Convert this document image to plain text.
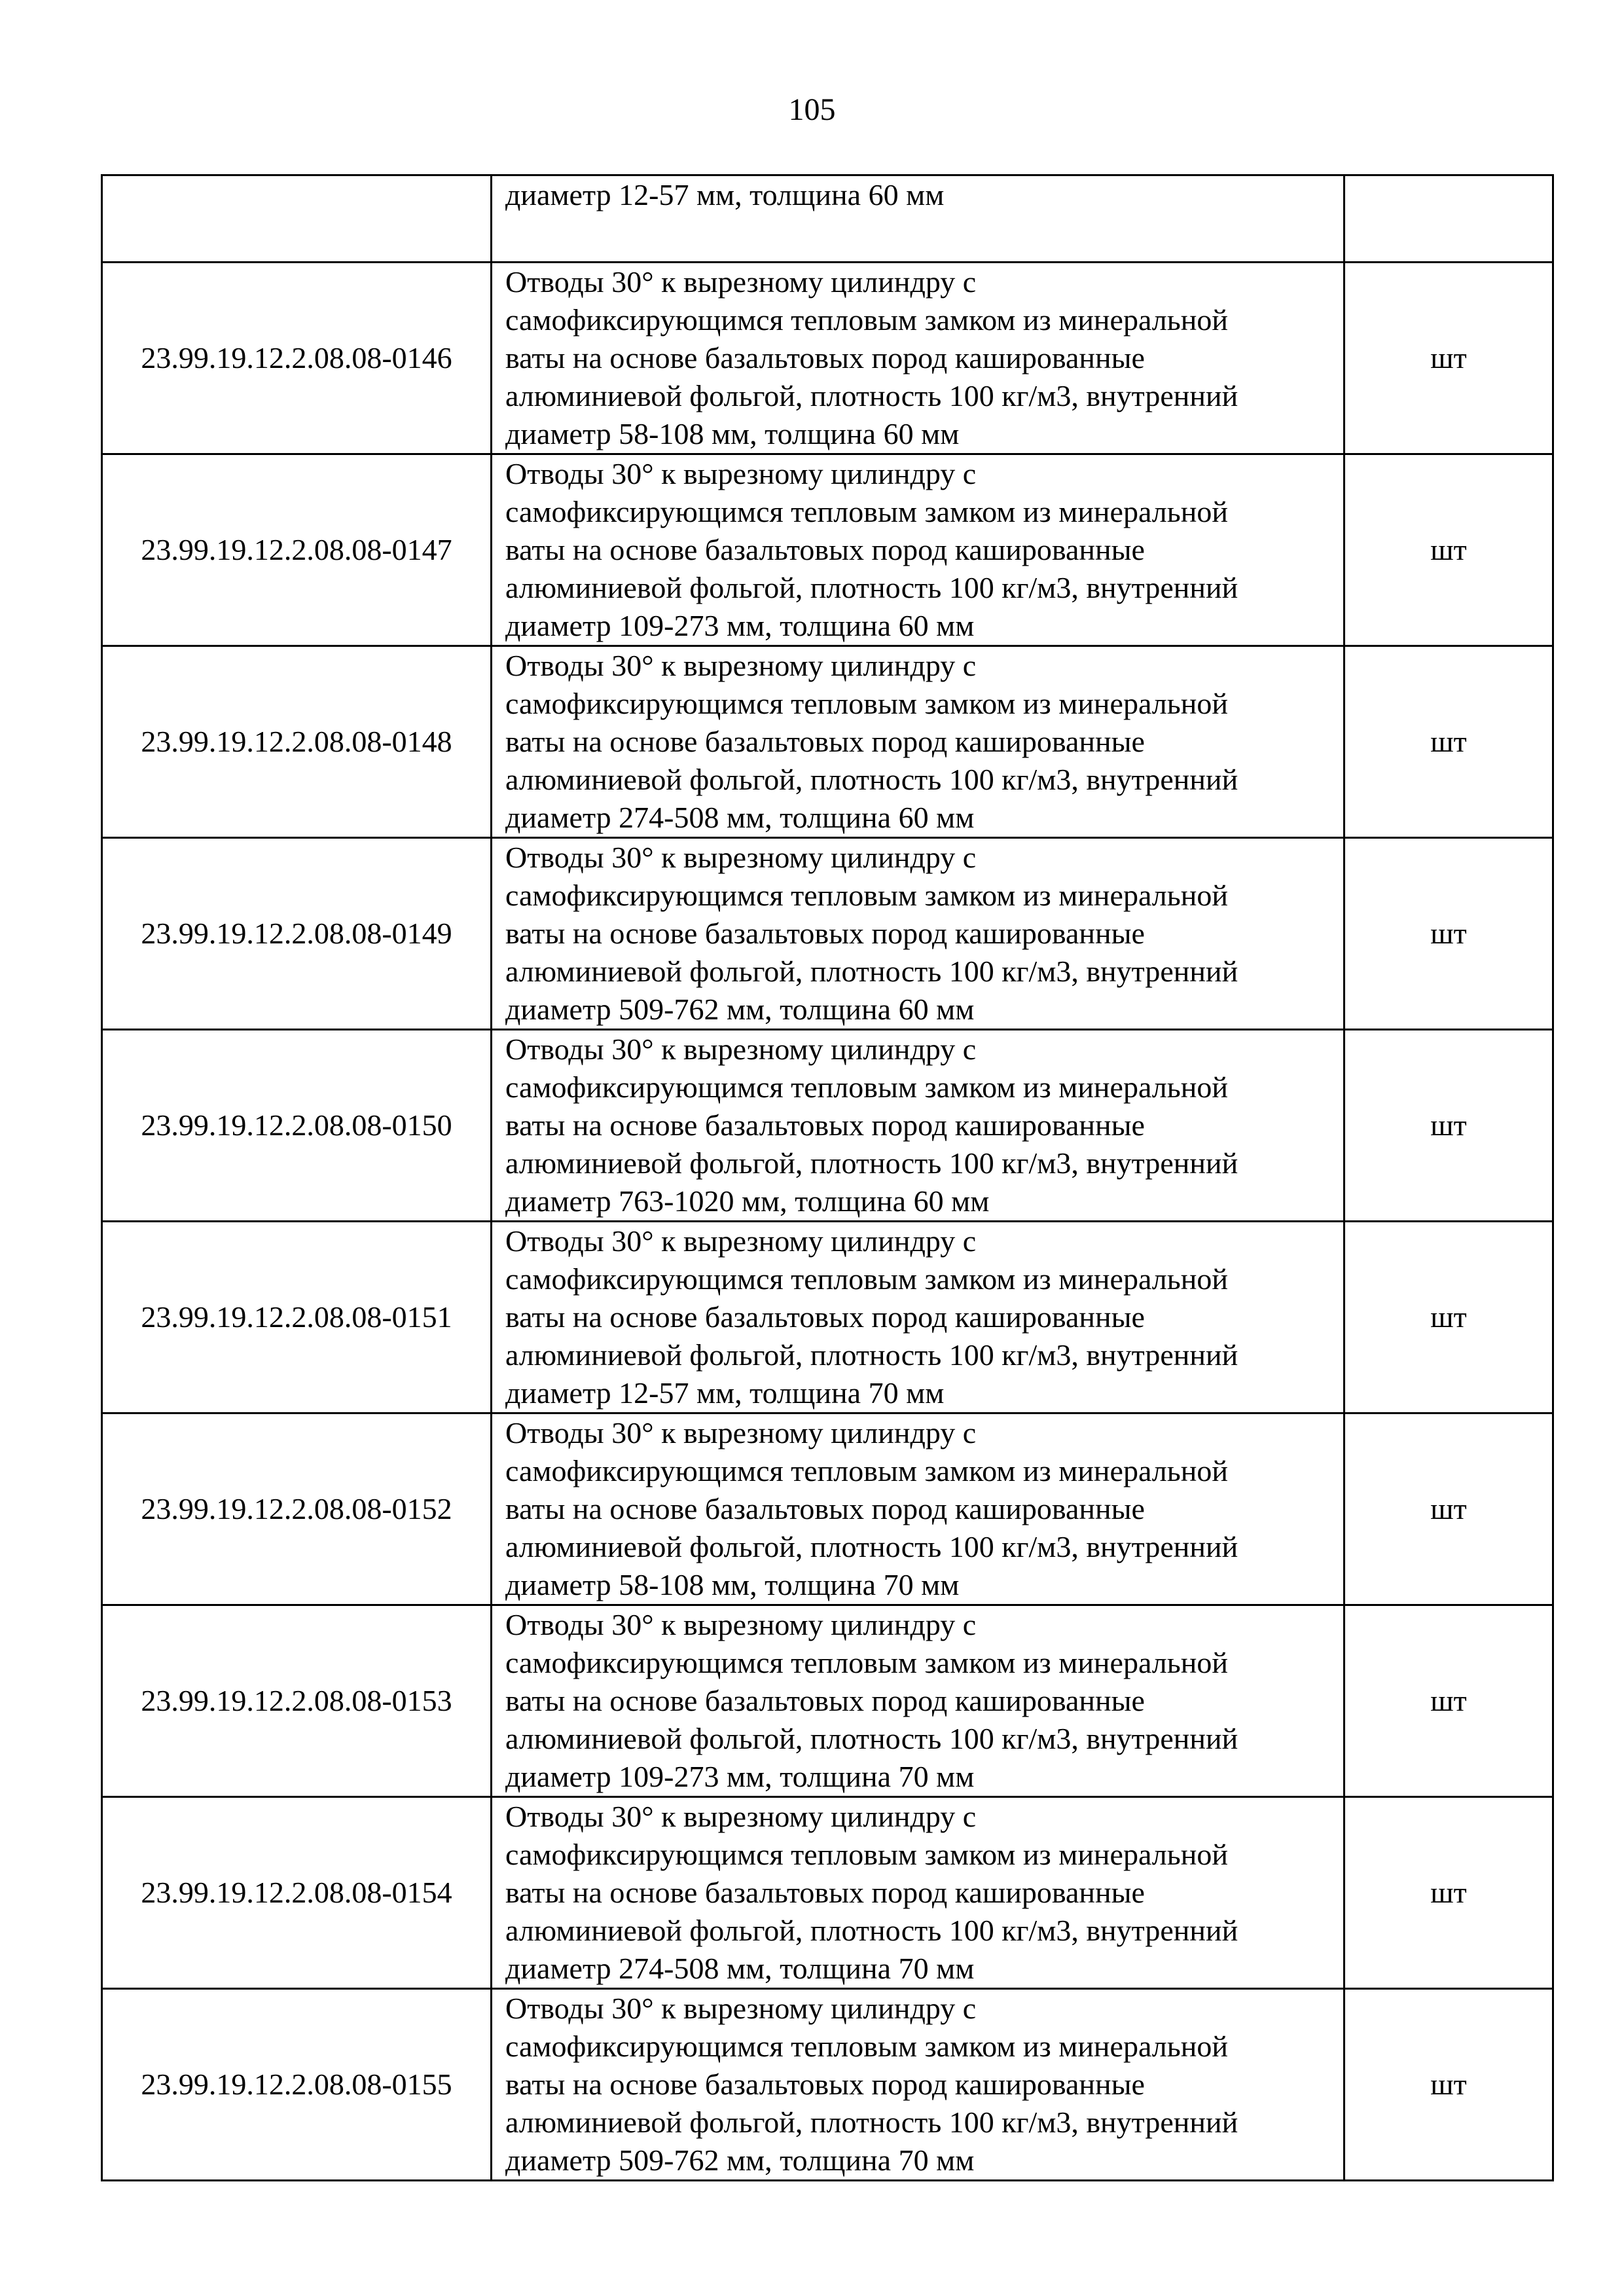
105

	диаметр 12-57 мм, толщина 60 мм	

23.99.19.12.2.08.08-0146	Отводы 30° к вырезному цилиндру с
самофиксирующимся тепловым замком из минеральной
ваты на основе базальтовых пород кашированные
алюминиевой фольгой, плотность 100 кг/м3, внутренний
диаметр 58-108 мм, толщина 60 мм	шт
23.99.19.12.2.08.08-0147	Отводы 30° к вырезному цилиндру с
самофиксирующимся тепловым замком из минеральной
ваты на основе базальтовых пород кашированные
алюминиевой фольгой, плотность 100 кг/м3, внутренний
диаметр 109-273 мм, толщина 60 мм	шт
23.99.19.12.2.08.08-0148	Отводы 30° к вырезному цилиндру с
самофиксирующимся тепловым замком из минеральной
ваты на основе базальтовых пород кашированные
алюминиевой фольгой, плотность 100 кг/м3, внутренний
диаметр 274-508 мм, толщина 60 мм	шт
23.99.19.12.2.08.08-0149	Отводы 30° к вырезному цилиндру с
самофиксирующимся тепловым замком из минеральной
ваты на основе базальтовых пород кашированные
алюминиевой фольгой, плотность 100 кг/м3, внутренний
диаметр 509-762 мм, толщина 60 мм	шт
23.99.19.12.2.08.08-0150	Отводы 30° к вырезному цилиндру с
самофиксирующимся тепловым замком из минеральной
ваты на основе базальтовых пород кашированные
алюминиевой фольгой, плотность 100 кг/м3, внутренний
диаметр 763-1020 мм, толщина 60 мм	шт
23.99.19.12.2.08.08-0151	Отводы 30° к вырезному цилиндру с
самофиксирующимся тепловым замком из минеральной
ваты на основе базальтовых пород кашированные
алюминиевой фольгой, плотность 100 кг/м3, внутренний
диаметр 12-57 мм, толщина 70 мм	шт
23.99.19.12.2.08.08-0152	Отводы 30° к вырезному цилиндру с
самофиксирующимся тепловым замком из минеральной
ваты на основе базальтовых пород кашированные
алюминиевой фольгой, плотность 100 кг/м3, внутренний
диаметр 58-108 мм, толщина 70 мм	шт
23.99.19.12.2.08.08-0153	Отводы 30° к вырезному цилиндру с
самофиксирующимся тепловым замком из минеральной
ваты на основе базальтовых пород кашированные
алюминиевой фольгой, плотность 100 кг/м3, внутренний
диаметр 109-273 мм, толщина 70 мм	шт
23.99.19.12.2.08.08-0154	Отводы 30° к вырезному цилиндру с
самофиксирующимся тепловым замком из минеральной
ваты на основе базальтовых пород кашированные
алюминиевой фольгой, плотность 100 кг/м3, внутренний
диаметр 274-508 мм, толщина 70 мм	шт
23.99.19.12.2.08.08-0155	Отводы 30° к вырезному цилиндру с
самофиксирующимся тепловым замком из минеральной
ваты на основе базальтовых пород кашированные
алюминиевой фольгой, плотность 100 кг/м3, внутренний
диаметр 509-762 мм, толщина 70 мм	шт
